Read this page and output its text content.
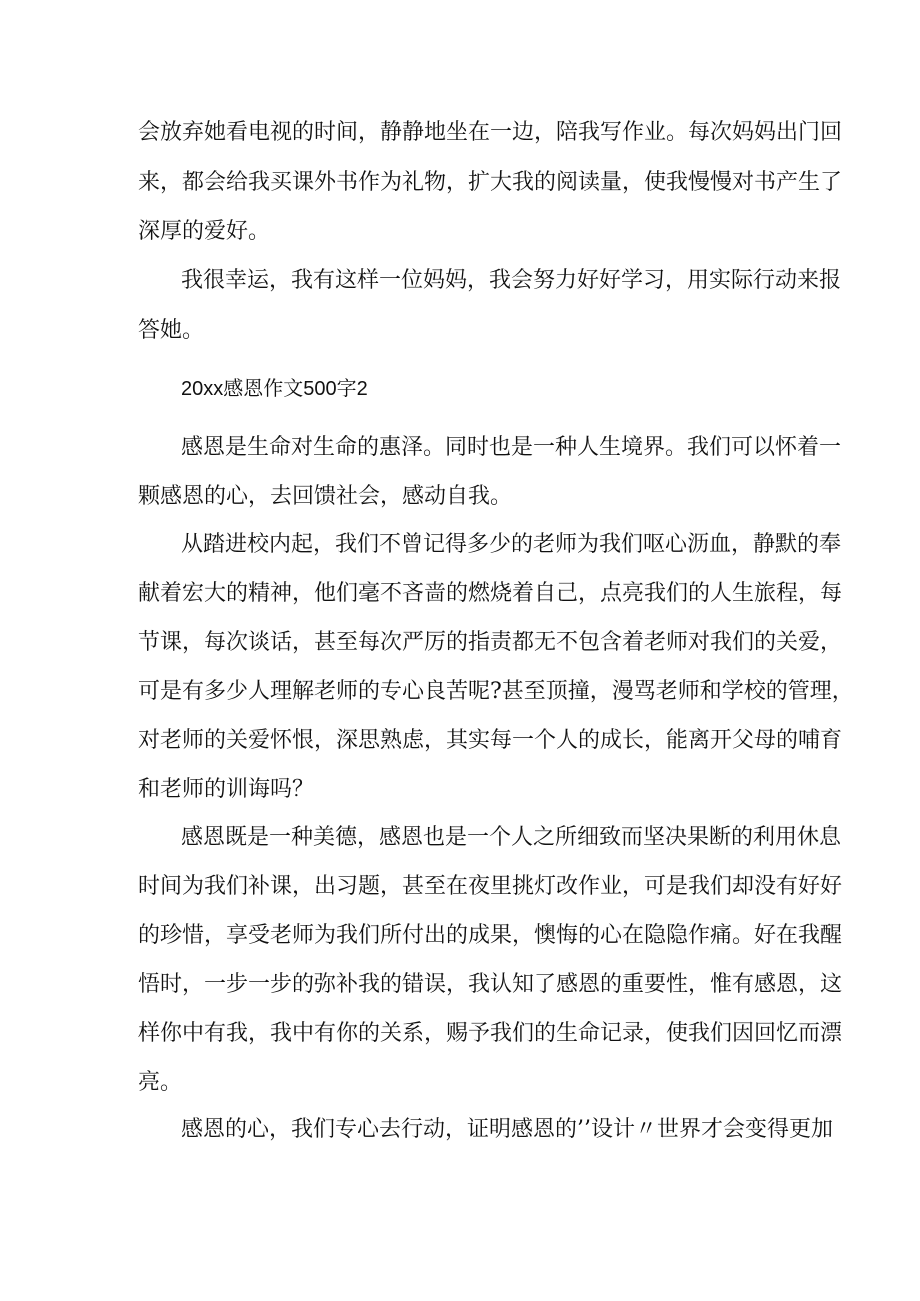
会放弃她看电视的时间，静静地坐在一边，陪我写作业。每次妈妈出门回
来，都会给我买课外书作为礼物，扩大我的阅读量，使我慢慢对书产生了
深厚的爱好。
我很幸运，我有这样一位妈妈，我会努力好好学习，用实际行动来报
答她。
20xx感恩作文500字2
感恩是生命对生命的惠泽。同时也是一种人生境界。我们可以怀着一
颗感恩的心，去回馈社会，感动自我。
从踏进校内起，我们不曾记得多少的老师为我们呕心沥血，静默的奉
献着宏大的精神，他们毫不吝啬的燃烧着自己，点亮我们的人生旅程，每
节课，每次谈话，甚至每次严厉的指责都无不包含着老师对我们的关爱，
可是有多少人理解老师的专心良苦呢?甚至顶撞，漫骂老师和学校的管理，
对老师的关爱怀恨，深思熟虑，其实每一个人的成长，能离开父母的哺育
和老师的训诲吗？
感恩既是一种美德，感恩也是一个人之所细致而坚决果断的利用休息
时间为我们补课，出习题，甚至在夜里挑灯改作业，可是我们却没有好好
的珍惜，享受老师为我们所付出的成果，懊悔的心在隐隐作痛。好在我醒
悟时，一步一步的弥补我的错误，我认知了感恩的重要性，惟有感恩，这
样你中有我，我中有你的关系，赐予我们的生命记录，使我们因回忆而漂
亮。
感恩的心，我们专心去行动，证明感恩的’’设计〃世界才会变得更加
